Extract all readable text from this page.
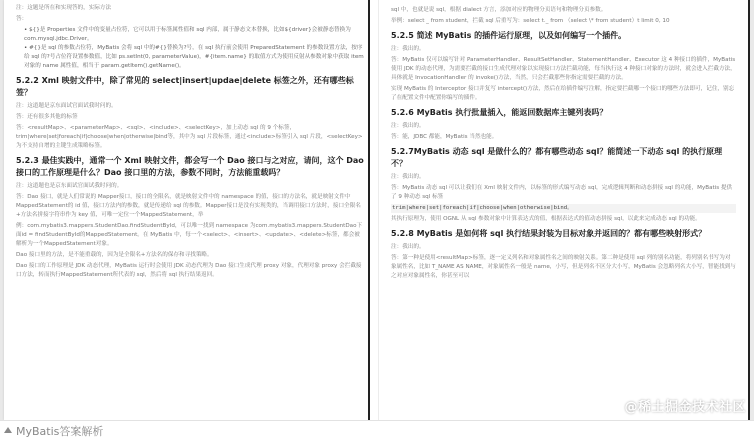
注：这题是所在和实现答的，实际方法

答：

• ${}是 Properties 文件中的变量占位符，它可以用于标签属性值和 sql 内部，属于静态文本替换，比如${driver}会被静态替换为com.mysql.jdbc.Driver。
• #{}是 sql 的参数占位符，MyBatis 会将 sql 中的#{}替换为?号，在 sql 执行前会使用 PreparedStatement 的参数设置方法，按序给 sql 的?号占位符设置参数值，比如 ps.setInt(0, parameterValue)，#{item.name} 的取值方式为使用反射从参数对象中获取 item 对象的 name 属性值，相当于 param.getItem().getName()。
5.2.2 Xml 映射文件中，除了常见的 select|insert|updae|delete 标签之外，还有哪些标签？

注：这道题是京东面试官面试我时问的。

答：还有很多其他的标签

答：<resultMap>、<parameterMap>、<sql>、<include>、<selectKey>，加上动态 sql 的 9 个标签，trim|where|set|foreach|if|choose|when|otherwise|bind等，其中为 sql 片段标签，通过<include>标签引入 sql 片段，<selectKey>为不支持自增的主键生成策略标签。

5.2.3 最佳实践中，通常一个 Xml 映射文件，都会写一个 Dao 接口与之对应，请问，这个 Dao 接口的工作原理是什么？Dao 接口里的方法，参数不同时，方法能重载吗？

注：这道题也是京东面试官面试我时问的。

答：Dao 接口，就是人们常说的 Mapper接口，接口的全限名，就是映射文件中的 namespace 的值，接口的方法名，就是映射文件中MappedStatement的 id 值，接口方法内的参数，就是传递给 sql 的参数。Mapper接口是没有实现类的，当调用接口方法时，接口全限名+方法名拼接字符串作为 key 值，可唯一定位一个MappedStatement，举

例：com.mybatis3.mappers.StudentDao.findStudentById，可以唯一找到 namespace 为com.mybatis3.mappers.StudentDao下面id = findStudentById的MappedStatement。在 MyBatis 中，每一个<select>、<insert>、<update>、<delete>标签，都会被解析为一个MappedStatement对象。

Dao 接口里的方法，是不能重载的，因为是全限名+方法名的保存和寻找策略。

Dao 接口的工作原理是 JDK 动态代理，MyBatis 运行时会使用 JDK 动态代理为 Dao 接口生成代理 proxy 对象，代理对象 proxy 会拦截接口方法，转而执行MappedStatement所代表的 sql，然后将 sql 执行结果返回。

sql 中，也就是说 sql，根据 dialect 方言，添加对应的物理分页语句和物理分页参数。

举例：select _ from student，拦截 sql 后重写为：select t._ from （select \* from student）t limit 0, 10

5.2.5 简述 MyBatis 的插件运行原理，以及如何编写一个插件。

注：我出的。

答：MyBatis 仅可以编写针对 ParameterHandler、ResultSetHandler、StatementHandler、Executor 这 4 种接口的插件，MyBatis 使用 JDK 的动态代理，为需要拦截的接口生成代理对象以实现接口方法拦截功能，每当执行这 4 种接口对象的方法时，就会进入拦截方法，具体就是 InvocationHandler 的 invoke()方法，当然，只会拦截那些你指定需要拦截的方法。

实现 MyBatis 的 Interceptor 接口并复写 intercept()方法，然后在给插件编写注解，指定要拦截哪一个接口的哪些方法即可，记住，别忘了在配置文件中配置你编写的插件。

5.2.6 MyBatis 执行批量插入，能返回数据库主键列表吗？

注：我出的。

答：能，JDBC 都能，MyBatis 当然也能。

5.2.7MyBatis 动态 sql 是做什么的？都有哪些动态 sql？能简述一下动态 sql 的执行原理不？

注：我出的。

答：MyBatis 动态 sql 可以让我们在 Xml 映射文件内，以标签的形式编写动态 sql，完成逻辑判断和动态拼接 sql 的功能，MyBatis 提供了 9 种动态 sql 标签

trim|where|set|foreach|if|choose|when|otherwise|bind。

其执行原理为，使用 OGNL 从 sql 参数对象中计算表达式的值，根据表达式的值动态拼接 sql，以此来完成动态 sql 的功能。

5.2.8 MyBatis 是如何将 sql 执行结果封装为目标对象并返回的？都有哪些映射形式？

注：我出的。

答：第一种是使用<resultMap>标签，逐一定义列名和对象属性名之间的映射关系。第二种是使用 sql 列的别名功能，将列别名书写为对象属性名，比如 T_NAME AS NAME，对象属性名一般是 name，小写，但是列名不区分大小写，MyBatis 会忽略列名大小写，智能找到与之对应对象属性名，你甚至可以

MyBatis答案解析
@稀土掘金技术社区
